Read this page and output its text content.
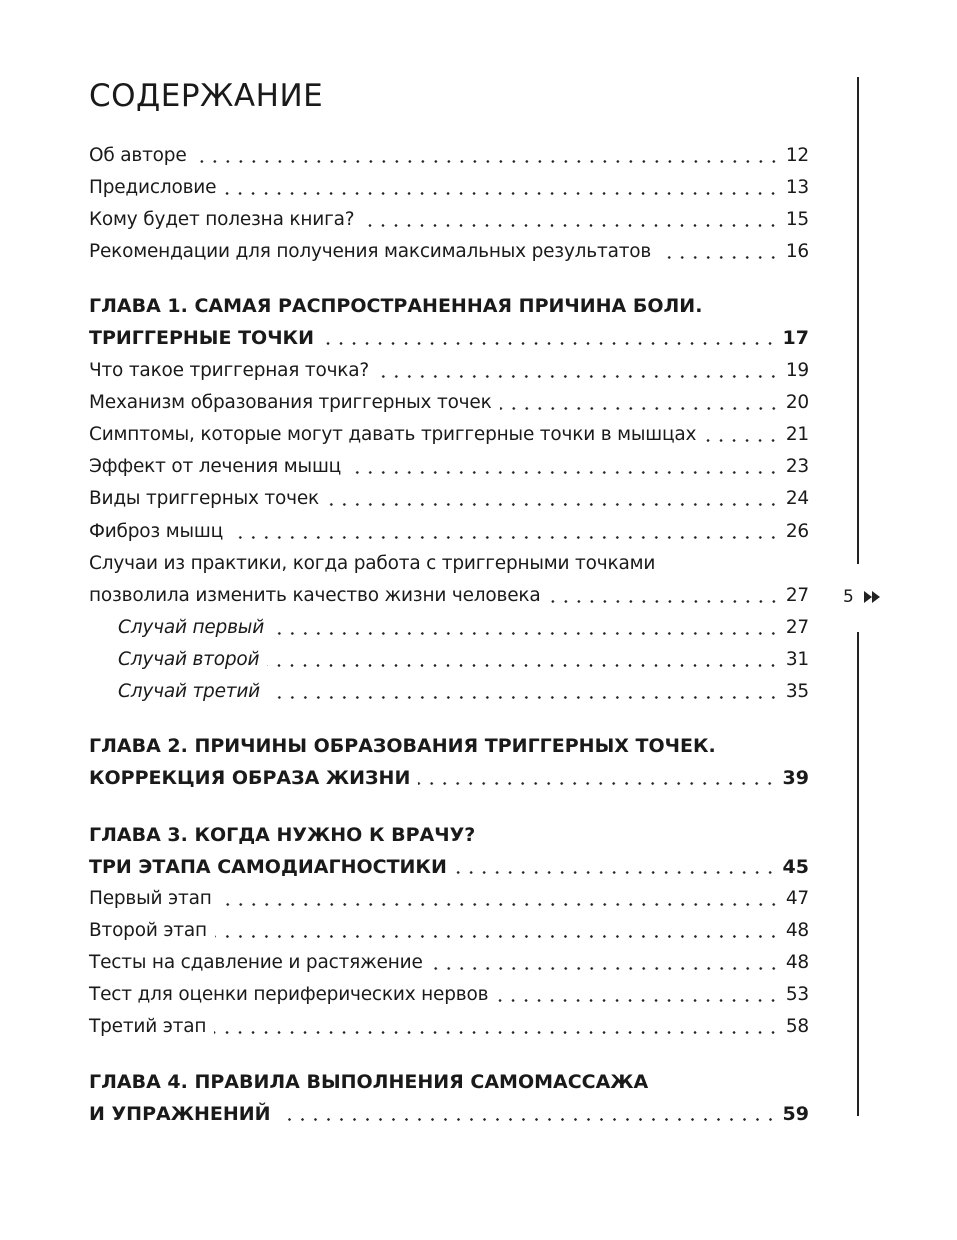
СОДЕРЖАНИЕ
Об авторе	12
Предисловие	13
Кому будет полезна книга?	15
Рекомендации для получения максимальных результатов	16
ГЛАВА 1. САМАЯ РАСПРОСТРАНЕННАЯ ПРИЧИНА БОЛИ.
ТРИГГЕРНЫЕ ТОЧКИ	17
Что такое триггерная точка?	19
Механизм образования триггерных точек	20
Симптомы, которые могут давать триггерные точки в мышцах	21
Эффект от лечения мышц	23
Виды триггерных точек	24
Фиброз мышц	26
Случаи из практики, когда работа с триггерными точками
позволила изменить качество жизни человека	27
Случай первый	27
Случай второй	31
Случай третий	35
ГЛАВА 2. ПРИЧИНЫ ОБРАЗОВАНИЯ ТРИГГЕРНЫХ ТОЧЕК.
КОРРЕКЦИЯ ОБРАЗА ЖИЗНИ	39
ГЛАВА 3. КОГДА НУЖНО К ВРАЧУ?
ТРИ ЭТАПА САМОДИАГНОСТИКИ	45
Первый этап	47
Второй этап	48
Тесты на сдавление и растяжение	48
Тест для оценки периферических нервов	53
Третий этап	58
ГЛАВА 4. ПРАВИЛА ВЫПОЛНЕНИЯ САМОМАССАЖА
И УПРАЖНЕНИЙ	59
5
